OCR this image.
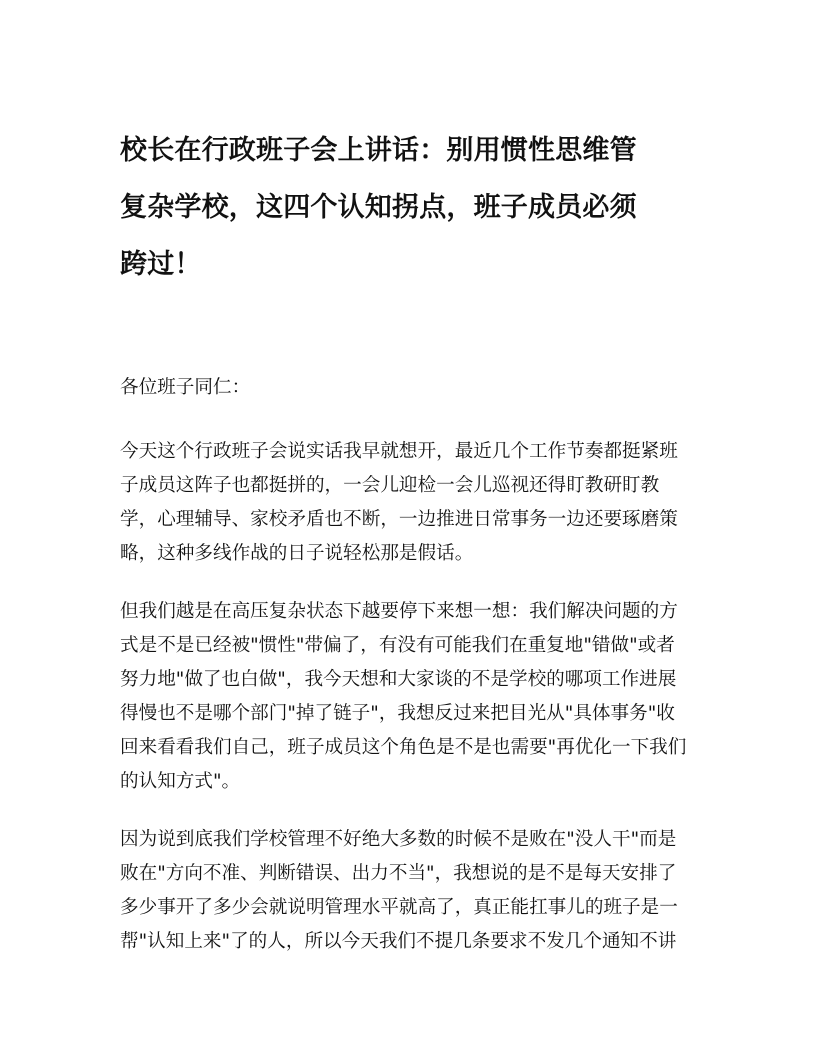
校长在行政班子会上讲话：别用惯性思维管
复杂学校，这四个认知拐点，班子成员必须
跨过！

各位班子同仁：

今天这个行政班子会说实话我早就想开，最近几个工作节奏都挺紧班
子成员这阵子也都挺拼的，一会儿迎检一会儿巡视还得盯教研盯教
学，心理辅导、家校矛盾也不断，一边推进日常事务一边还要琢磨策
略，这种多线作战的日子说轻松那是假话。

但我们越是在高压复杂状态下越要停下来想一想：我们解决问题的方
式是不是已经被"惯性"带偏了，有没有可能我们在重复地"错做"或者
努力地"做了也白做"，我今天想和大家谈的不是学校的哪项工作进展
得慢也不是哪个部门"掉了链子"，我想反过来把目光从"具体事务"收
回来看看我们自己，班子成员这个角色是不是也需要"再优化一下我们
的认知方式"。

因为说到底我们学校管理不好绝大多数的时候不是败在"没人干"而是
败在"方向不准、判断错误、出力不当"，我想说的是不是每天安排了
多少事开了多少会就说明管理水平就高了，真正能扛事儿的班子是一
帮"认知上来"了的人，所以今天我们不提几条要求不发几个通知不讲
